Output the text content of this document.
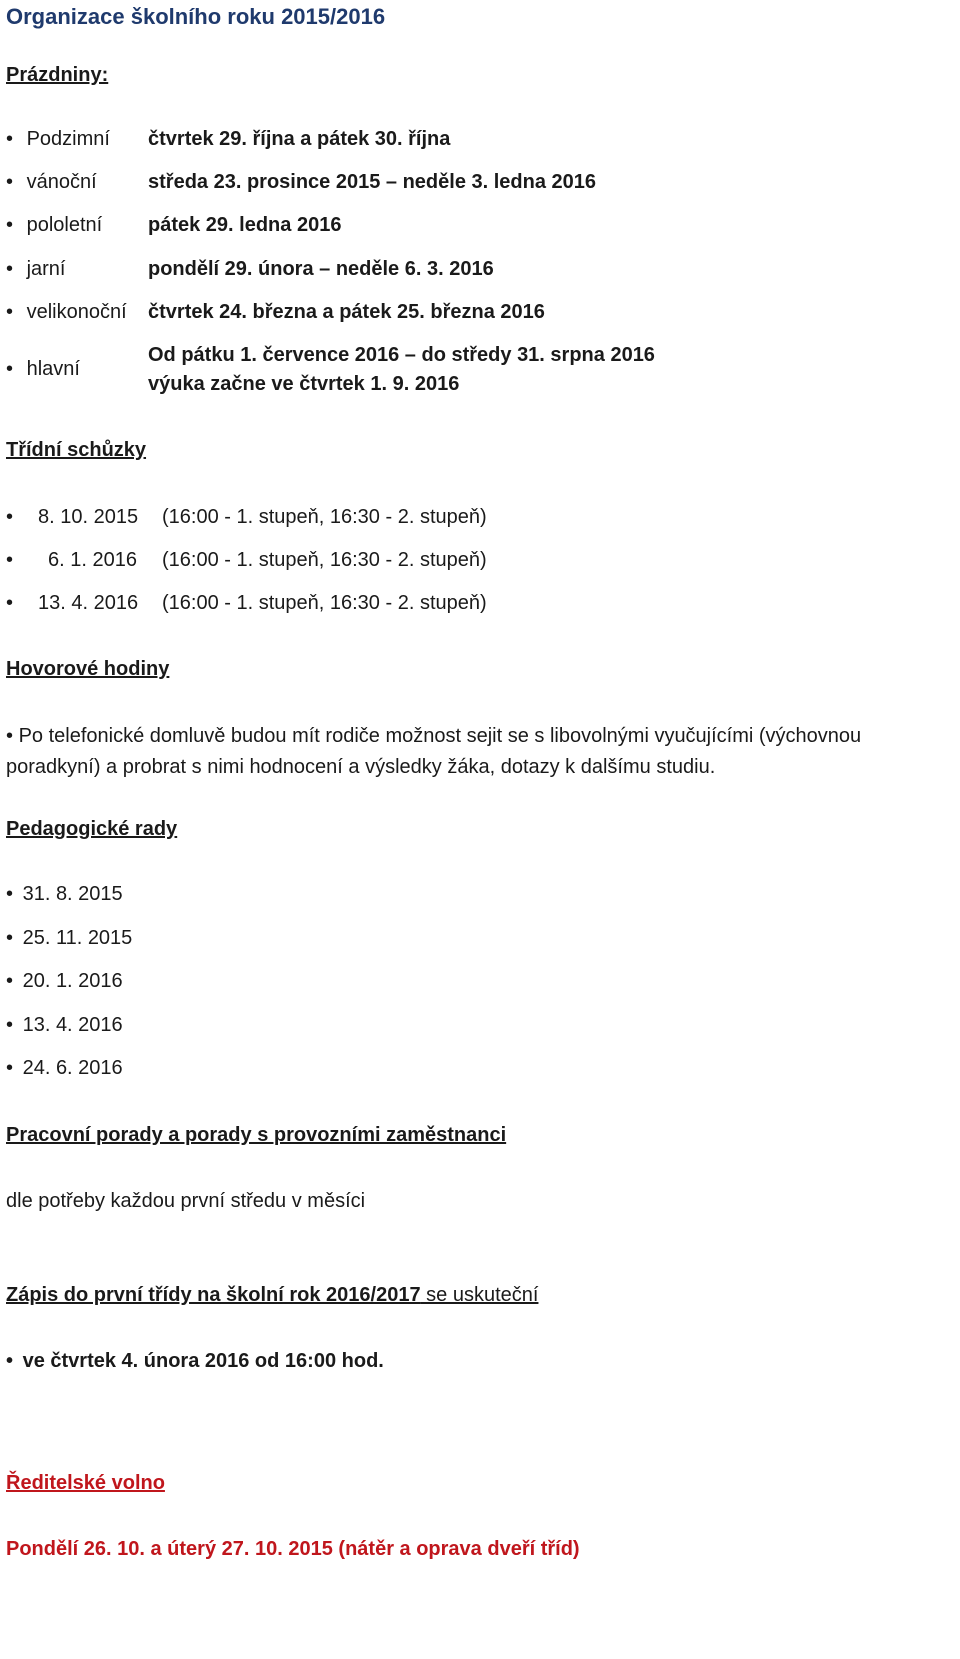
Organizace školního roku 2015/2016
Prázdniny:
• Podzimní čtvrtek 29. října a pátek 30. října
• vánoční	středa 23. prosince 2015 – neděle 3. ledna 2016
• pololetní pátek 29. ledna 2016
• jarní	pondělí 29. února – neděle 6. 3. 2016
• velikonoční čtvrtek 24. března a pátek 25. března 2016
• hlavní
Od pátku 1. července 2016 – do středy 31. srpna 2016
výuka začne ve čtvrtek 1. 9. 2016
Třídní schůzky
• 8. 10. 2015 (16:00 - 1. stupeň, 16:30 - 2. stupeň)
• 6. 1. 2016 (16:00 - 1. stupeň, 16:30 - 2. stupeň)
• 13. 4. 2016 (16:00 - 1. stupeň, 16:30 - 2. stupeň)
Hovorové hodiny
• Po telefonické domluvě budou mít rodiče možnost sejit se s libovolnými vyučujícími (výchovnou poradkyní) a probrat s nimi hodnocení a výsledky žáka, dotazy k dalšímu studiu.
Pedagogické rady
• 31. 8. 2015
• 25. 11. 2015
• 20. 1. 2016
• 13. 4. 2016
• 24. 6. 2016
Pracovní porady a porady s provozními zaměstnanci
dle potřeby každou první středu v měsíci
Zápis do první třídy na školní rok 2016/2017 se uskuteční
• ve čtvrtek 4. února 2016 od 16:00 hod.
Ředitelské volno
Pondělí 26. 10. a úterý 27. 10. 2015 (nátěr a oprava dveří tříd)
